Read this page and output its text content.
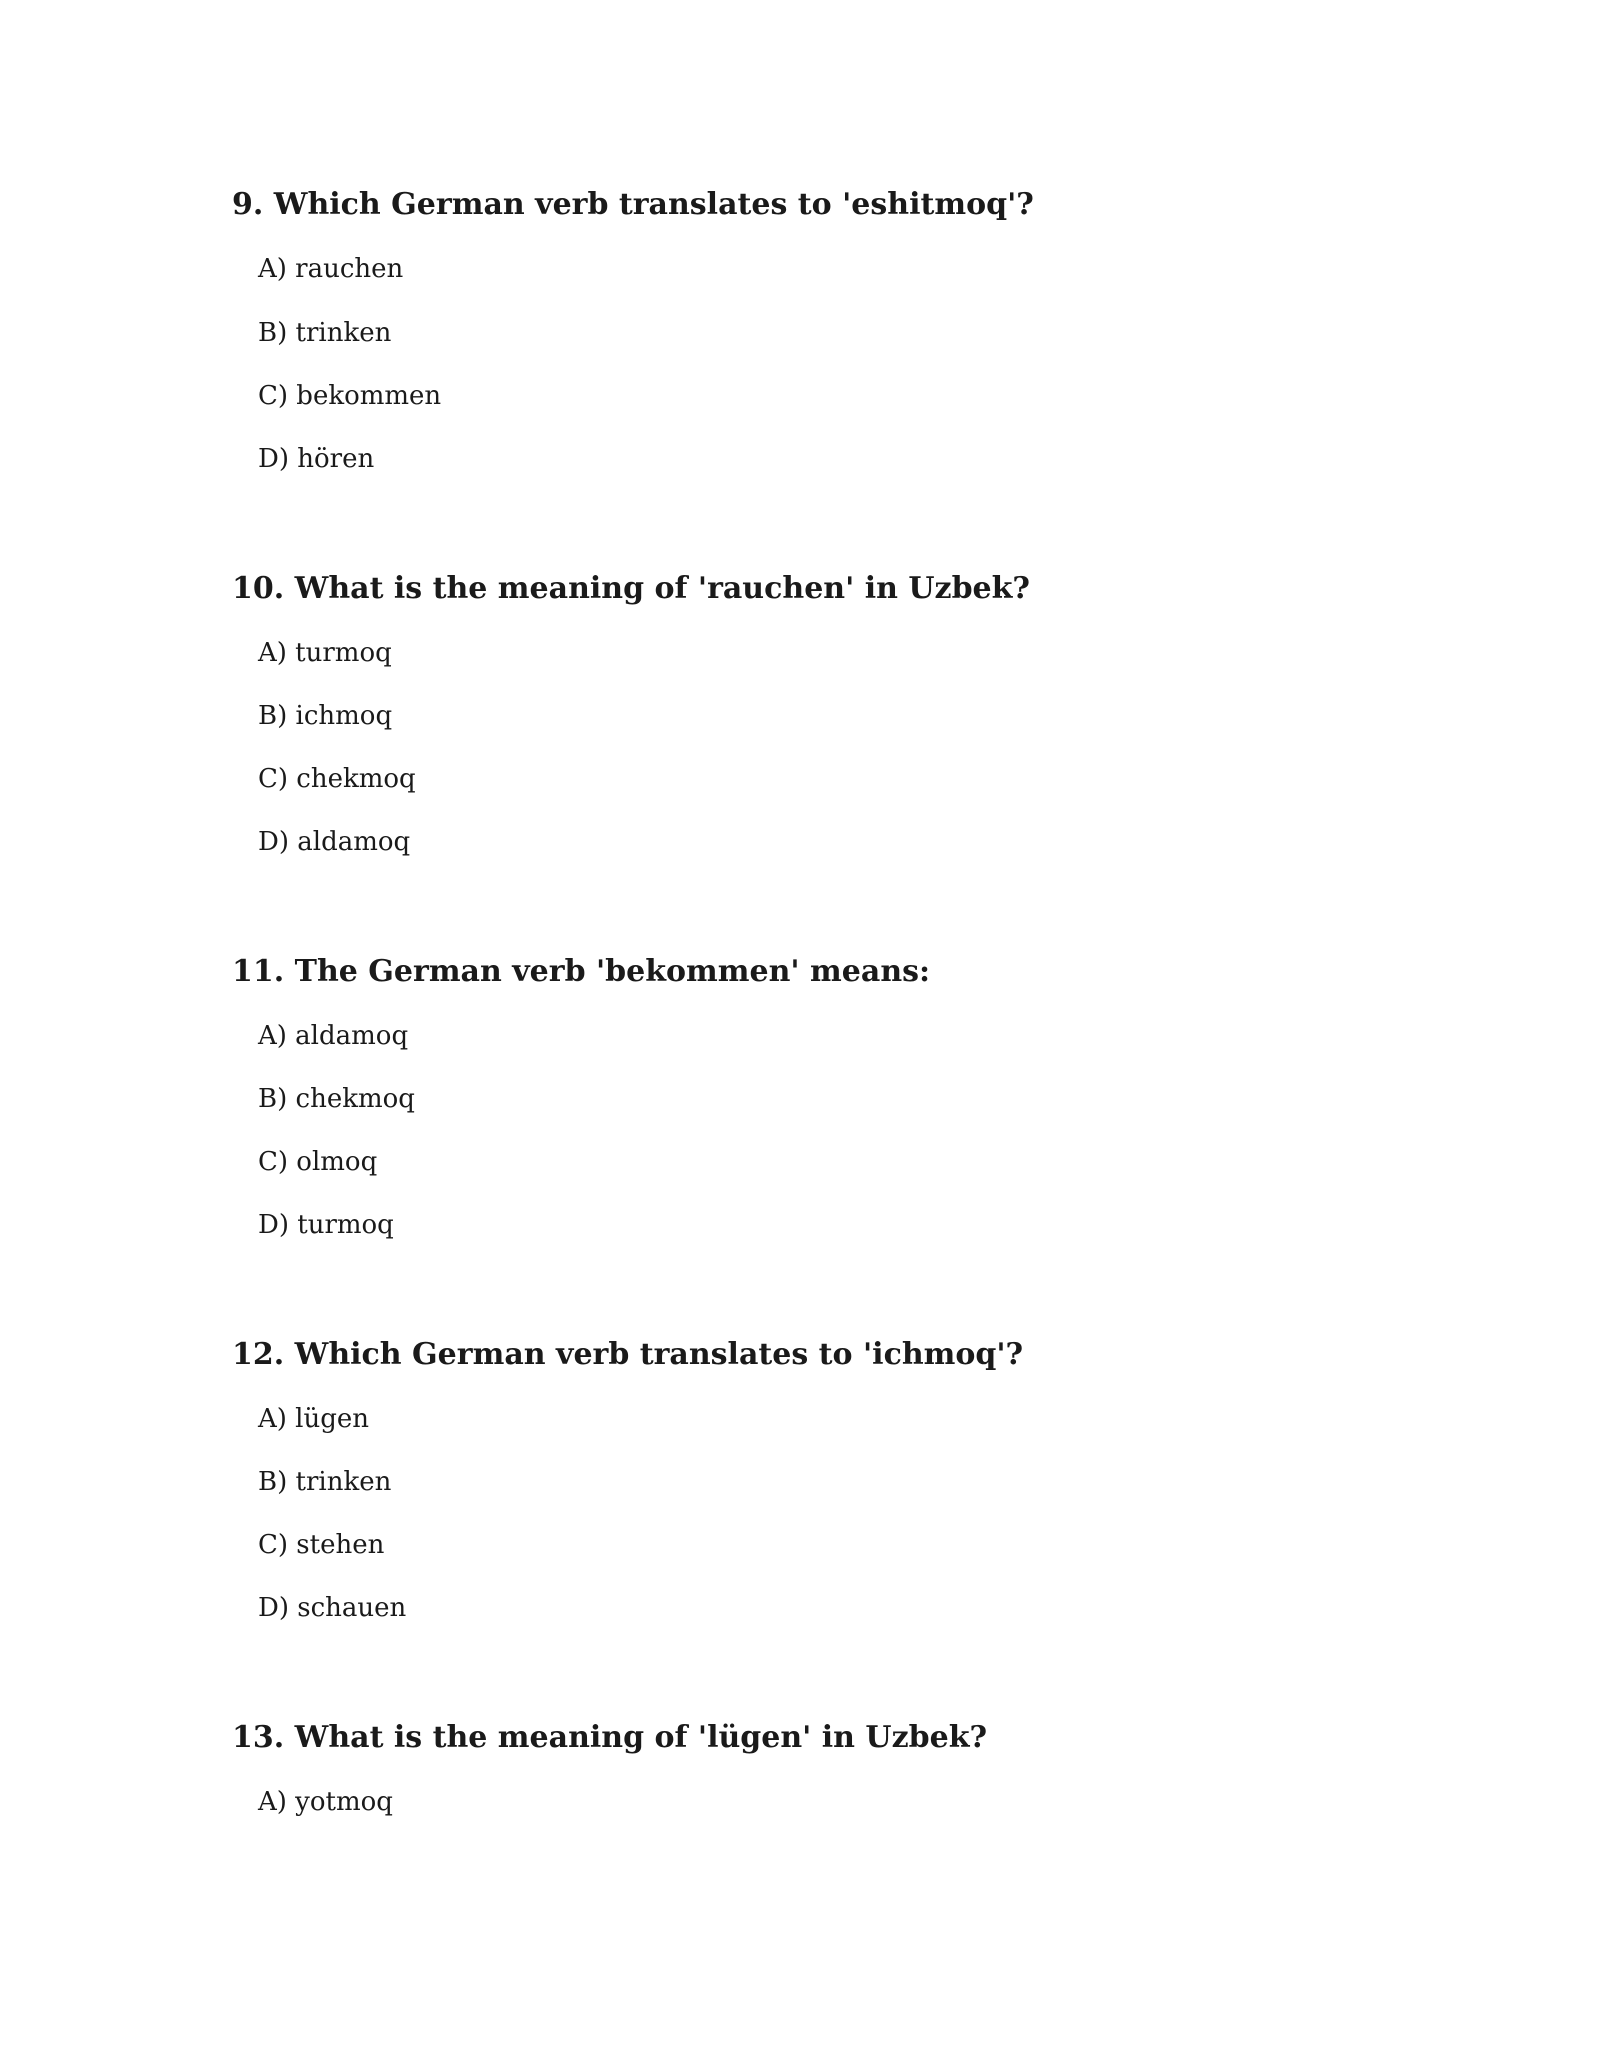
9. Which German verb translates to 'eshitmoq'?

A) rauchen
B) trinken
C) bekommen
D) hören

10. What is the meaning of 'rauchen' in Uzbek?

A) turmoq
B) ichmoq
C) chekmoq
D) aldamoq

11. The German verb 'bekommen' means:

A) aldamoq
B) chekmoq
C) olmoq
D) turmoq

12. Which German verb translates to 'ichmoq'?

A) lügen
B) trinken
C) stehen
D) schauen

13. What is the meaning of 'lügen' in Uzbek?

A) yotmoq
